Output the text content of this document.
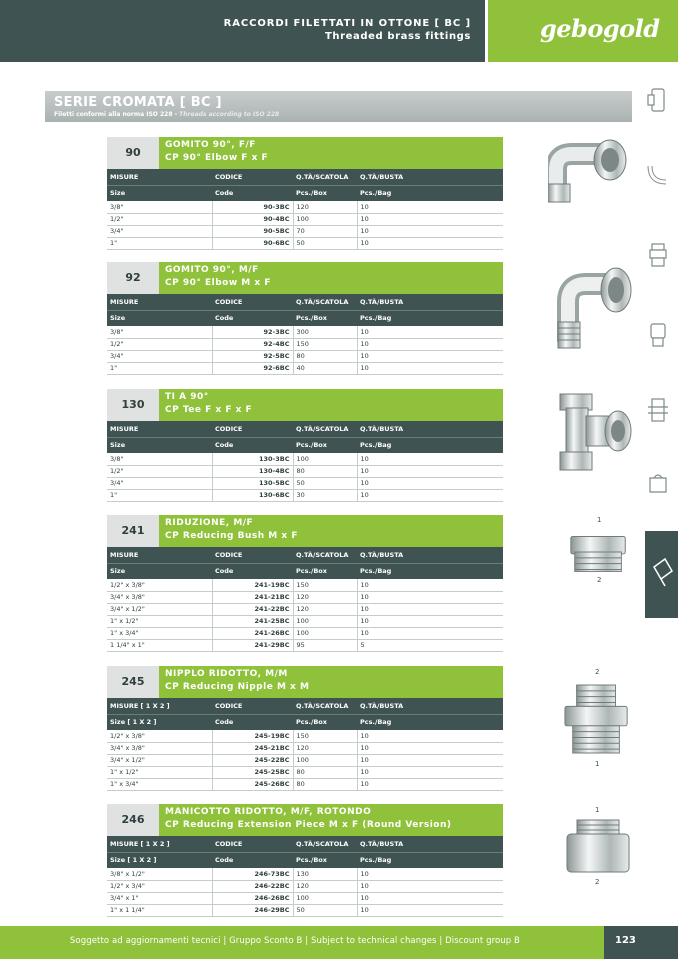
RACCORDI FILETTATI IN OTTONE [ BC ]
Threaded brass fittings	gebogold
SERIE CROMATA [ BC ]
Filetti conformi alla norma ISO 228 - Threads according to ISO 228
90
GOMITO 90°, F/F
CP 90° Elbow F x F
MISURE	CODICE	Q.TÀ/SCATOLA	Q.TÀ/BUSTA
Size	Code	Pcs./Box	Pcs./Bag
3/8"	90-3BC	120	10
1/2"	90-4BC	100	10
3/4"	90-5BC	70	10
1"	90-6BC	50	10
92
GOMITO 90°, M/F
CP 90° Elbow M x F
MISURE	CODICE	Q.TÀ/SCATOLA	Q.TÀ/BUSTA
Size	Code	Pcs./Box	Pcs./Bag
3/8"	92-3BC	300	10
1/2"	92-4BC	150	10
3/4"	92-5BC	80	10
1"	92-6BC	40	10
130
TI A 90°
CP Tee F x F x F
MISURE	CODICE	Q.TÀ/SCATOLA	Q.TÀ/BUSTA
Size	Code	Pcs./Box	Pcs./Bag
3/8"	130-3BC	100	10
1/2"	130-4BC	80	10
3/4"	130-5BC	50	10
1"	130-6BC	30	10
241
RIDUZIONE, M/F
CP Reducing Bush M x F
MISURE	CODICE	Q.TÀ/SCATOLA	Q.TÀ/BUSTA
Size	Code	Pcs./Box	Pcs./Bag
1/2" x 3/8"	241-19BC	150	10
3/4" x 3/8"	241-21BC	120	10
3/4" x 1/2"	241-22BC	120	10
1" x 1/2"	241-25BC	100	10
1" x 3/4"	241-26BC	100	10
1 1/4" x 1"	241-29BC	95	5
1
2
245
NIPPLO RIDOTTO, M/M
CP Reducing Nipple M x M
MISURE [ 1 X 2 ]	CODICE	Q.TÀ/SCATOLA	Q.TÀ/BUSTA
Size [ 1 X 2 ]	Code	Pcs./Box	Pcs./Bag
1/2" x 3/8"	245-19BC	150	10
3/4" x 3/8"	245-21BC	120	10
3/4" x 1/2"	245-22BC	100	10
1" x 1/2"	245-25BC	80	10
1" x 3/4"	245-26BC	80	10
2
1
246
MANICOTTO RIDOTTO, M/F, ROTONDO
CP Reducing Extension Piece M x F (Round Version)
MISURE [ 1 X 2 ]	CODICE	Q.TÀ/SCATOLA	Q.TÀ/BUSTA
Size [ 1 X 2 ]	Code	Pcs./Box	Pcs./Bag
3/8" x 1/2"	246-73BC	130	10
1/2" x 3/4"	246-22BC	120	10
3/4" x 1"	246-26BC	100	10
1" x 1 1/4"	246-29BC	50	10
1
2
Soggetto ad aggiornamenti tecnici | Gruppo Sconto B | Subject to technical changes | Discount group B	123
